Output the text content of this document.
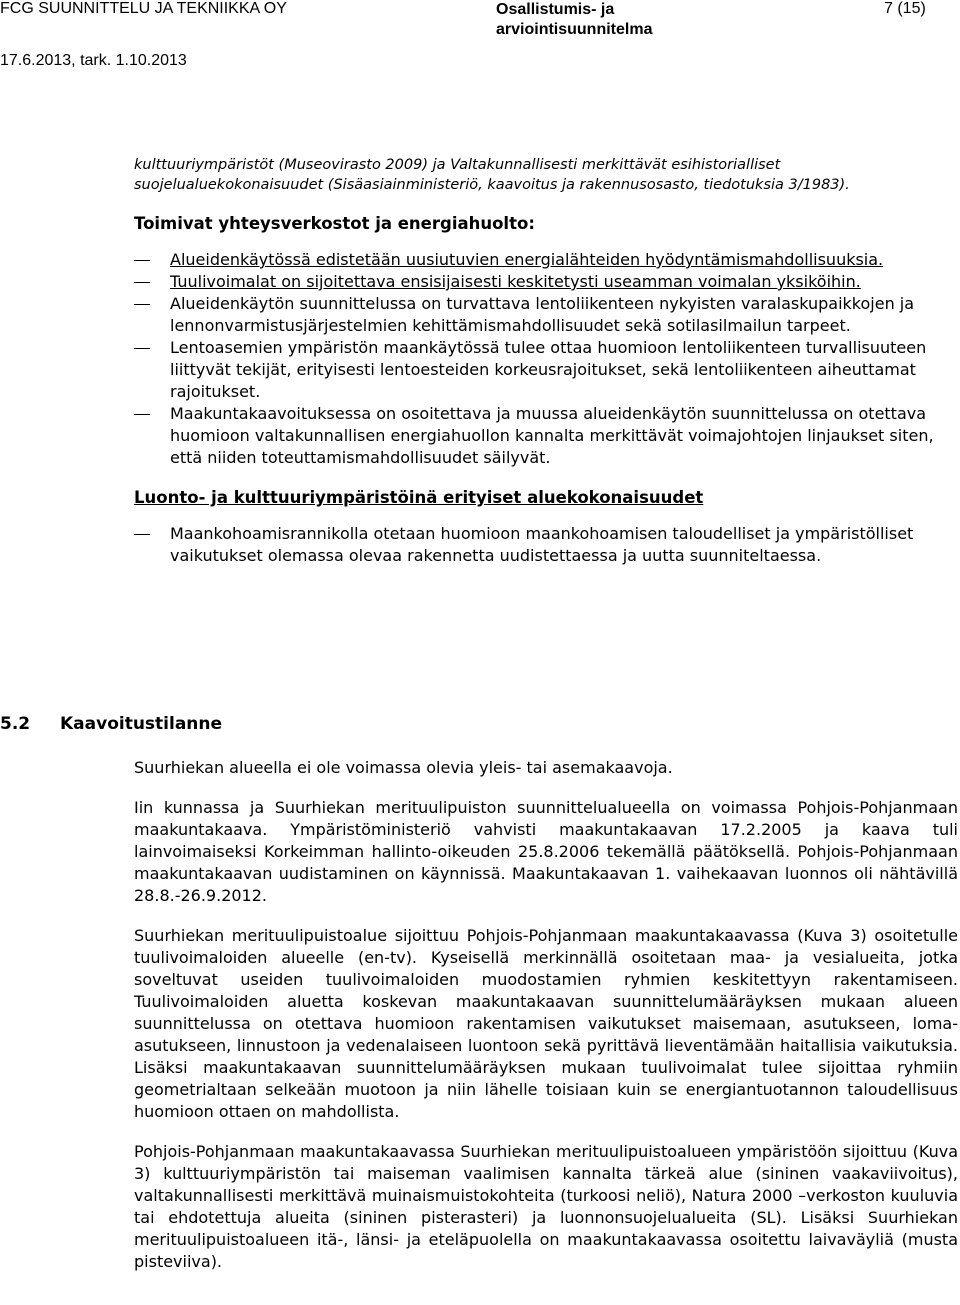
FCG SUUNNITTELU JA TEKNIIKKA OY
17.6.2013, tark. 1.10.2013
Osallistumis- ja arviointisuunnitelma
7 (15)

kulttuuriympäristöt (Museovirasto 2009) ja Valtakunnallisesti merkittävät esihistorialliset suojelualuekokonaisuudet (Sisäasiainministeriö, kaavoitus ja rakennusosasto, tiedotuksia 3/1983).

Toimivat yhteysverkostot ja energiahuolto:
Alueidenkäytössä edistetään uusiutuvien energialähteiden hyödyntämismahdollisuuksia.
Tuulivoimalat on sijoitettava ensisijaisesti keskitetysti useamman voimalan yksiköihin.
Alueidenkäytön suunnittelussa on turvattava lentoliikenteen nykyisten varalaskupaikkojen ja lennonvarmistusjärjestelmien kehittämismahdollisuudet sekä sotilasilmailun tarpeet.
Lentoasemien ympäristön maankäytössä tulee ottaa huomioon lentoliikenteen turvallisuuteen liittyvät tekijät, erityisesti lentoesteiden korkeusrajoitukset, sekä lentoliikenteen aiheuttamat rajoitukset.
Maakuntakaavoituksessa on osoitettava ja muussa alueidenkäytön suunnittelussa on otettava huomioon valtakunnallisen energiahuollon kannalta merkittävät voimajohtojen linjaukset siten, että niiden toteuttamismahdollisuudet säilyvät.
Luonto- ja kulttuuriympäristöinä erityiset aluekokonaisuudet
Maankohoamisrannikolla otetaan huomioon maankohoamisen taloudelliset ja ympäristölliset vaikutukset olemassa olevaa rakennetta uudistettaessa ja uutta suunniteltaessa.
5.2 Kaavoitustilanne

Suurhiekan alueella ei ole voimassa olevia yleis- tai asemakaavoja.

Iin kunnassa ja Suurhiekan merituulipuiston suunnittelualueella on voimassa Pohjois-Pohjanmaan maakuntakaava. Ympäristöministeriö vahvisti maakuntakaavan 17.2.2005 ja kaava tuli lainvoimaiseksi Korkeimman hallinto-oikeuden 25.8.2006 tekemällä päätöksellä. Pohjois-Pohjanmaan maakuntakaavan uudistaminen on käynnissä. Maakuntakaavan 1. vaihekaavan luonnos oli nähtävillä 28.8.-26.9.2012.

Suurhiekan merituulipuistoalue sijoittuu Pohjois-Pohjanmaan maakuntakaavassa (Kuva 3) osoitetulle tuulivoimaloiden alueelle (en-tv). Kyseisellä merkinnällä osoitetaan maa- ja vesialueita, jotka soveltuvat useiden tuulivoimaloiden muodostamien ryhmien keskitettyyn rakentamiseen. Tuulivoimaloiden aluetta koskevan maakuntakaavan suunnittelumääräyksen mukaan alueen suunnittelussa on otettava huomioon rakentamisen vaikutukset maisemaan, asutukseen, loma-asutukseen, linnustoon ja vedenalaiseen luontoon sekä pyrittävä lieventämään haitallisia vaikutuksia. Lisäksi maakuntakaavan suunnittelumääräyksen mukaan tuulivoimalat tulee sijoittaa ryhmiin geometrialtaan selkeään muotoon ja niin lähelle toisiaan kuin se energiantuotannon taloudellisuus huomioon ottaen on mahdollista.

Pohjois-Pohjanmaan maakuntakaavassa Suurhiekan merituulipuistoalueen ympäristöön sijoittuu (Kuva 3) kulttuuriympäristön tai maiseman vaalimisen kannalta tärkeä alue (sininen vaakaviivoitus), valtakunnallisesti merkittävä muinaismuistokohteita (turkoosi neliö), Natura 2000 –verkoston kuuluvia tai ehdotettuja alueita (sininen pisterasteri) ja luonnonsuojelualueita (SL). Lisäksi Suurhiekan merituulipuistoalueen itä-, länsi- ja eteläpuolella on maakuntakaavassa osoitettu laivaväyliä (musta pisteviiva).
